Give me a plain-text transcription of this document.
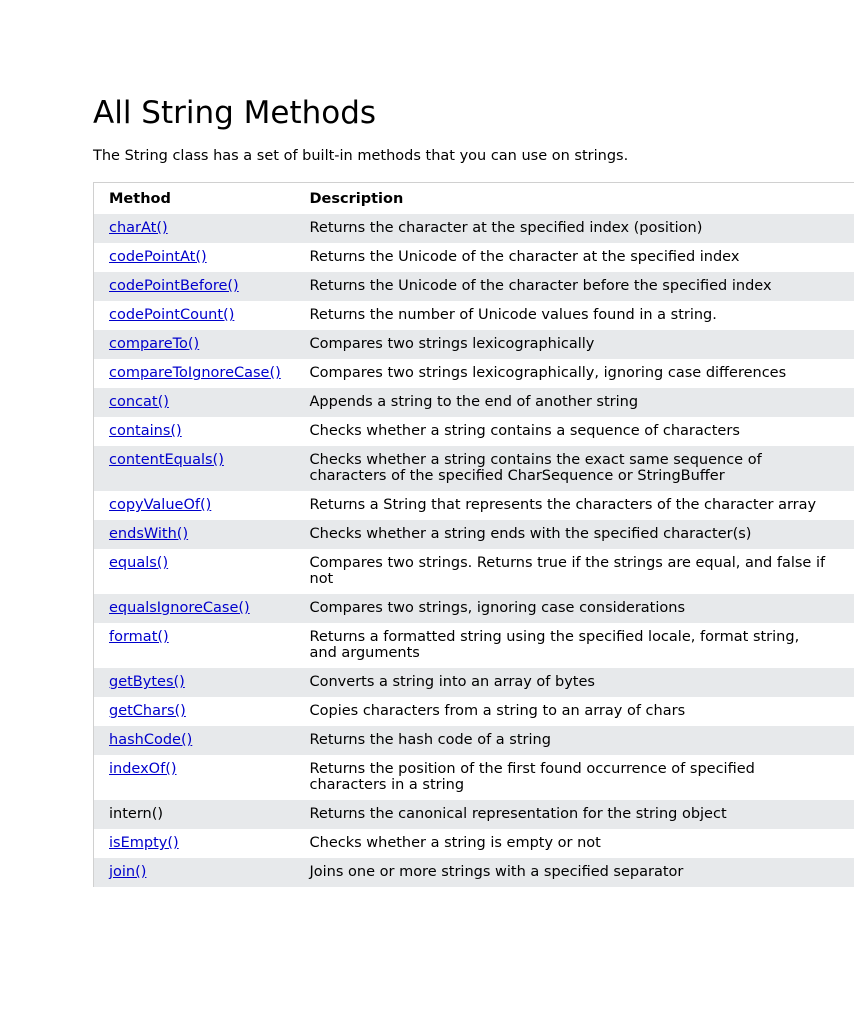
All String Methods

The String class has a set of built-in methods that you can use on strings.

Method	Description
charAt()	Returns the character at the specified index (position)

codePointAt()	Returns the Unicode of the character at the specified index

codePointBefore()	Returns the Unicode of the character before the specified index

codePointCount()	Returns the number of Unicode values found in a string.

compareTo()	Compares two strings lexicographically

compareToIgnoreCase()	Compares two strings lexicographically, ignoring case differences

concat()	Appends a string to the end of another string

contains()	Checks whether a string contains a sequence of characters

contentEquals()	Checks whether a string contains the exact same sequence of characters of the specified CharSequence or StringBuffer

copyValueOf()	Returns a String that represents the characters of the character array

endsWith()	Checks whether a string ends with the specified character(s)

equals()	Compares two strings. Returns true if the strings are equal, and false if not

equalsIgnoreCase()	Compares two strings, ignoring case considerations

format()	Returns a formatted string using the specified locale, format string, and arguments

getBytes()	Converts a string into an array of bytes

getChars()	Copies characters from a string to an array of chars

hashCode()	Returns the hash code of a string

indexOf()	Returns the position of the first found occurrence of specified characters in a string

intern()	Returns the canonical representation for the string object

isEmpty()	Checks whether a string is empty or not

join()	Joins one or more strings with a specified separator
